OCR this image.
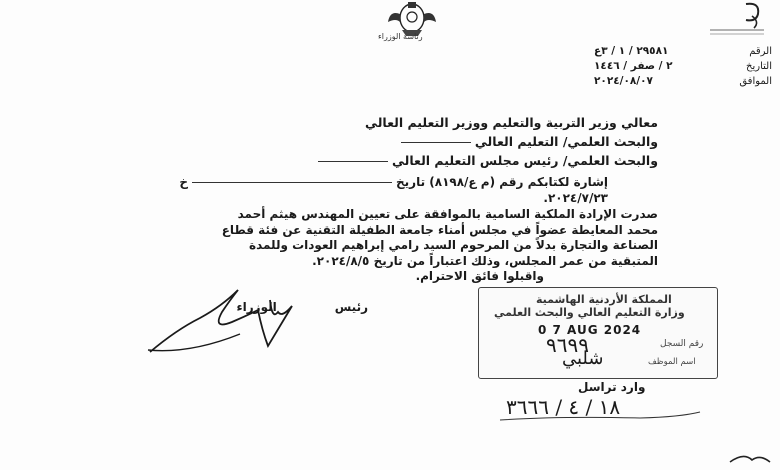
رئاسة الوزراء
الرقم
التاريخ
الموافق
٢٩٥٨١ / ١ / ٣ع
٢ / صفر / ١٤٤٦
٢٠٢٤/٠٨/٠٧
معالي وزير التربية والتعليم ووزير التعليم العالي
والبحث العلمي/ التعليم العالي
والبحث العلمي/ رئيس مجلس التعليم العالي
إشارة لكتابكم رقم (م ع/٨١٩٨) تاريخخ
٢٠٢٤/٧/٢٣.
صدرت الإرادة الملكية السامية بالموافقة على تعيين المهندس هيثم أحمد
محمد المعايطة عضواً في مجلس أمناء جامعة الطفيلة التقنية عن فئة قطاع
الصناعة والتجارة بدلاً من المرحوم السيد رامي إبراهيم العودات وللمدة
المتبقية من عمر المجلس، وذلك اعتباراً من تاريخ ٢٠٢٤/٨/٥.
واقبلوا فائق الاحترام.
رئيسالوزراء
المملكة الأردنية الهاشمية
وزارة التعليم العالي والبحث العلمي
0 7 AUG 2024
رقم السجل
٩٦٩٩
اسم الموظف
شلبي
وارد تراسل
١٨ / ٤ / ٣٦٦٦
